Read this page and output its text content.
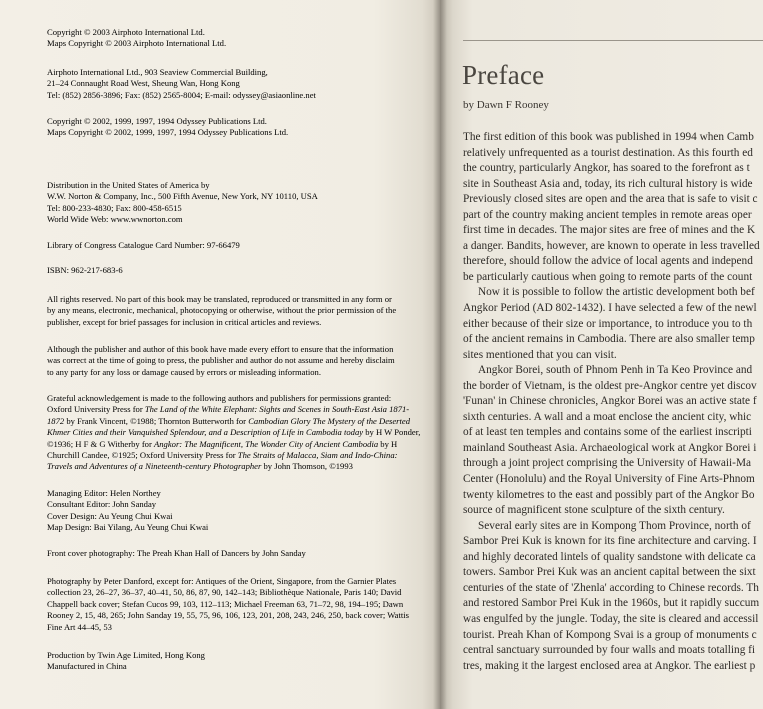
Copyright © 2003 Airphoto International Ltd.
Maps Copyright © 2003 Airphoto International Ltd.
Airphoto International Ltd., 903 Seaview Commercial Building,
21–24 Connaught Road West, Sheung Wan, Hong Kong
Tel: (852) 2856-3896; Fax: (852) 2565-8004; E-mail: odyssey@asiaonline.net
Copyright © 2002, 1999, 1997, 1994 Odyssey Publications Ltd.
Maps Copyright © 2002, 1999, 1997, 1994 Odyssey Publications Ltd.
Distribution in the United States of America by
W.W. Norton & Company, Inc., 500 Fifth Avenue, New York, NY 10110, USA
Tel: 800-233-4830; Fax: 800-458-6515
World Wide Web: www.wwnorton.com
Library of Congress Catalogue Card Number: 97-66479
ISBN: 962-217-683-6
All rights reserved. No part of this book may be translated, reproduced or transmitted in any form or
by any means, electronic, mechanical, photocopying or otherwise, without the prior permission of the
publisher, except for brief passages for inclusion in critical articles and reviews.
Although the publisher and author of this book have made every effort to ensure that the information
was correct at the time of going to press, the publisher and author do not assume and hereby disclaim
to any party for any loss or damage caused by errors or misleading information.
Grateful acknowledgement is made to the following authors and publishers for permissions granted:
Oxford University Press for The Land of the White Elephant: Sights and Scenes in South-East Asia 1871-
1872 by Frank Vincent, ©1988; Thornton Butterworth for Cambodian Glory The Mystery of the Deserted
Khmer Cities and their Vanquished Splendour, and a Description of Life in Cambodia today by H W Ponder,
©1936; H F & G Witherby for Angkor: The Magnificent, The Wonder City of Ancient Cambodia by H
Churchill Candee, ©1925; Oxford University Press for The Straits of Malacca, Siam and Indo-China:
Travels and Adventures of a Nineteenth-century Photographer by John Thomson, ©1993
Managing Editor: Helen Northey
Consultant Editor: John Sanday
Cover Design: Au Yeung Chui Kwai
Map Design: Bai Yilang, Au Yeung Chui Kwai
Front cover photography: The Preah Khan Hall of Dancers by John Sanday
Photography by Peter Danford, except for: Antiques of the Orient, Singapore, from the Garnier Plates
collection 23, 26–27, 36–37, 40–41, 50, 86, 87, 90, 142–143; Bibliothèque Nationale, Paris 140; David
Chappell back cover; Stefan Cucos 99, 103, 112–113; Michael Freeman 63, 71–72, 98, 194–195; Dawn
Rooney 2, 15, 48, 265; John Sanday 19, 55, 75, 96, 106, 123, 201, 208, 243, 246, 250, back cover; Wattis
Fine Art 44–45, 53
Production by Twin Age Limited, Hong Kong
Manufactured in China
Preface
by Dawn F Rooney
The first edition of this book was published in 1994 when Camb
relatively unfrequented as a tourist destination. As this fourth ed
the country, particularly Angkor, has soared to the forefront as t
site in Southeast Asia and, today, its rich cultural history is wide
Previously closed sites are open and the area that is safe to visit c
part of the country making ancient temples in remote areas oper
first time in decades. The major sites are free of mines and the K
a danger. Bandits, however, are known to operate in less travelled
therefore, should follow the advice of local agents and independ
be particularly cautious when going to remote parts of the count
Now it is possible to follow the artistic development both bef
Angkor Period (AD 802-1432). I have selected a few of the newl
either because of their size or importance, to introduce you to th
of the ancient remains in Cambodia. There are also smaller temp
sites mentioned that you can visit.
Angkor Borei, south of Phnom Penh in Ta Keo Province and
the border of Vietnam, is the oldest pre-Angkor centre yet discov
'Funan' in Chinese chronicles, Angkor Borei was an active state f
sixth centuries. A wall and a moat enclose the ancient city, whic
of at least ten temples and contains some of the earliest inscripti
mainland Southeast Asia. Archaeological work at Angkor Borei i
through a joint project comprising the University of Hawaii-Ma
Center (Honolulu) and the Royal University of Fine Arts-Phnom
twenty kilometres to the east and possibly part of the Angkor Bo
source of magnificent stone sculpture of the sixth century.
Several early sites are in Kompong Thom Province, north of
Sambor Prei Kuk is known for its fine architecture and carving. I
and highly decorated lintels of quality sandstone with delicate ca
towers. Sambor Prei Kuk was an ancient capital between the sixt
centuries of the state of 'Zhenla' according to Chinese records. Th
and restored Sambor Prei Kuk in the 1960s, but it rapidly succum
was engulfed by the jungle. Today, the site is cleared and accessil
tourist. Preah Khan of Kompong Svai is a group of monuments c
central sanctuary surrounded by four walls and moats totalling fi
tres, making it the largest enclosed area at Angkor. The earliest p
